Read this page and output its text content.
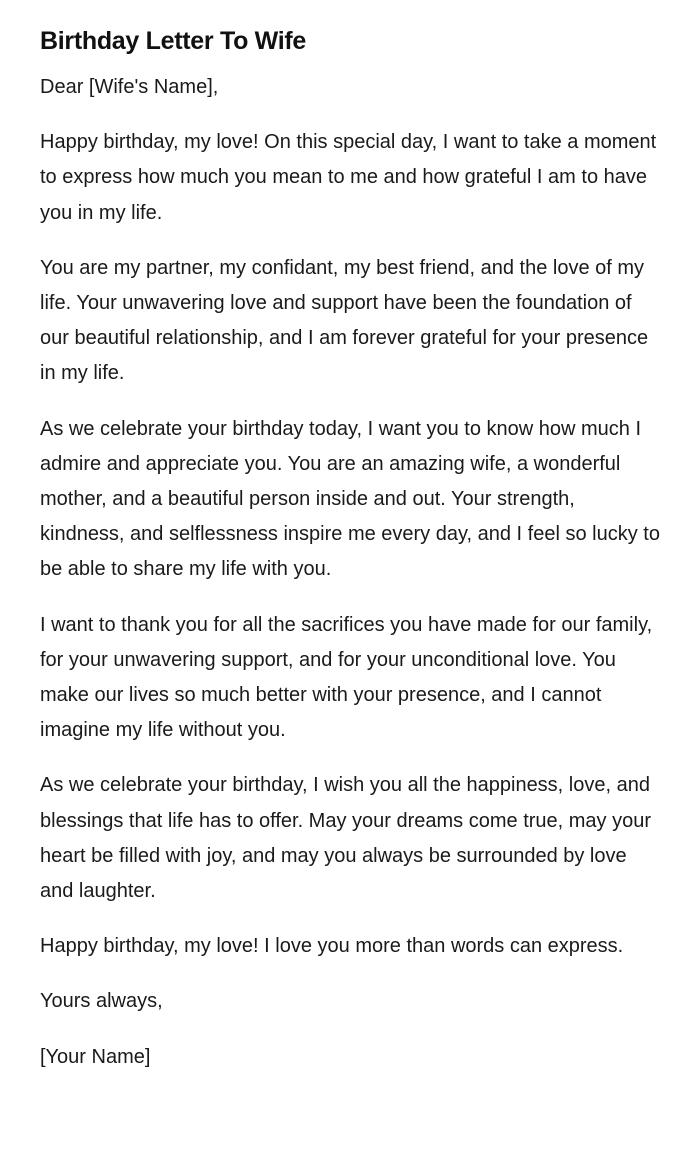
Birthday Letter To Wife

Dear [Wife's Name],

Happy birthday, my love! On this special day, I want to take a moment to express how much you mean to me and how grateful I am to have you in my life.

You are my partner, my confidant, my best friend, and the love of my life. Your unwavering love and support have been the foundation of our beautiful relationship, and I am forever grateful for your presence in my life.

As we celebrate your birthday today, I want you to know how much I admire and appreciate you. You are an amazing wife, a wonderful mother, and a beautiful person inside and out. Your strength, kindness, and selflessness inspire me every day, and I feel so lucky to be able to share my life with you.

I want to thank you for all the sacrifices you have made for our family, for your unwavering support, and for your unconditional love. You make our lives so much better with your presence, and I cannot imagine my life without you.

As we celebrate your birthday, I wish you all the happiness, love, and blessings that life has to offer. May your dreams come true, may your heart be filled with joy, and may you always be surrounded by love and laughter.

Happy birthday, my love! I love you more than words can express.

Yours always,

[Your Name]
